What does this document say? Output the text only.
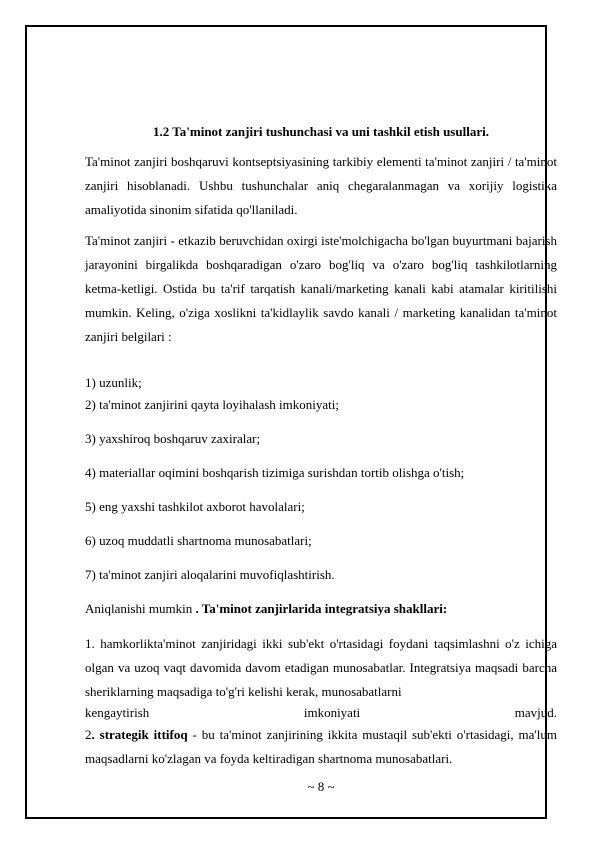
1.2 Ta'minot zanjiri tushunchasi va uni tashkil etish usullari.

Ta'minot zanjiri boshqaruvi kontseptsiyasining tarkibiy elementi ta'minot zanjiri / ta'minot zanjiri hisoblanadi. Ushbu tushunchalar aniq chegaralanmagan va xorijiy logistika amaliyotida sinonim sifatida qo'llaniladi.

Ta'minot zanjiri - etkazib beruvchidan oxirgi iste'molchigacha bo'lgan buyurtmani bajarish jarayonini birgalikda boshqaradigan o'zaro bog'liq va o'zaro bog'liq tashkilotlarning ketma-ketligi. Ostida bu ta'rif tarqatish kanali/marketing kanali kabi atamalar kiritilishi mumkin. Keling, o'ziga xoslikni ta'kidlaylik savdo kanali / marketing kanalidan ta'minot zanjiri belgilari :

1) uzunlik;

2) ta'minot zanjirini qayta loyihalash imkoniyati;

3) yaxshiroq boshqaruv zaxiralar;

4) materiallar oqimini boshqarish tizimiga surishdan tortib olishga o'tish;

5) eng yaxshi tashkilot axborot havolalari;

6) uzoq muddatli shartnoma munosabatlari;

7) ta'minot zanjiri aloqalarini muvofiqlashtirish.

Aniqlanishi mumkin . Ta'minot zanjirlarida integratsiya shakllari:

1. hamkorlikta'minot zanjiridagi ikki sub'ekt o'rtasidagi foydani taqsimlashni o'z ichiga olgan va uzoq vaqt davomida davom etadigan munosabatlar. Integratsiya maqsadi barcha sheriklarning maqsadiga to'g'ri kelishi kerak, munosabatlarni

kengaytirish	imkoniyati	mavjud.

2. strategik ittifoq - bu ta'minot zanjirining ikkita mustaqil sub'ekti o'rtasidagi, ma'lum maqsadlarni ko'zlagan va foyda keltiradigan shartnoma munosabatlari.

~ 8 ~
